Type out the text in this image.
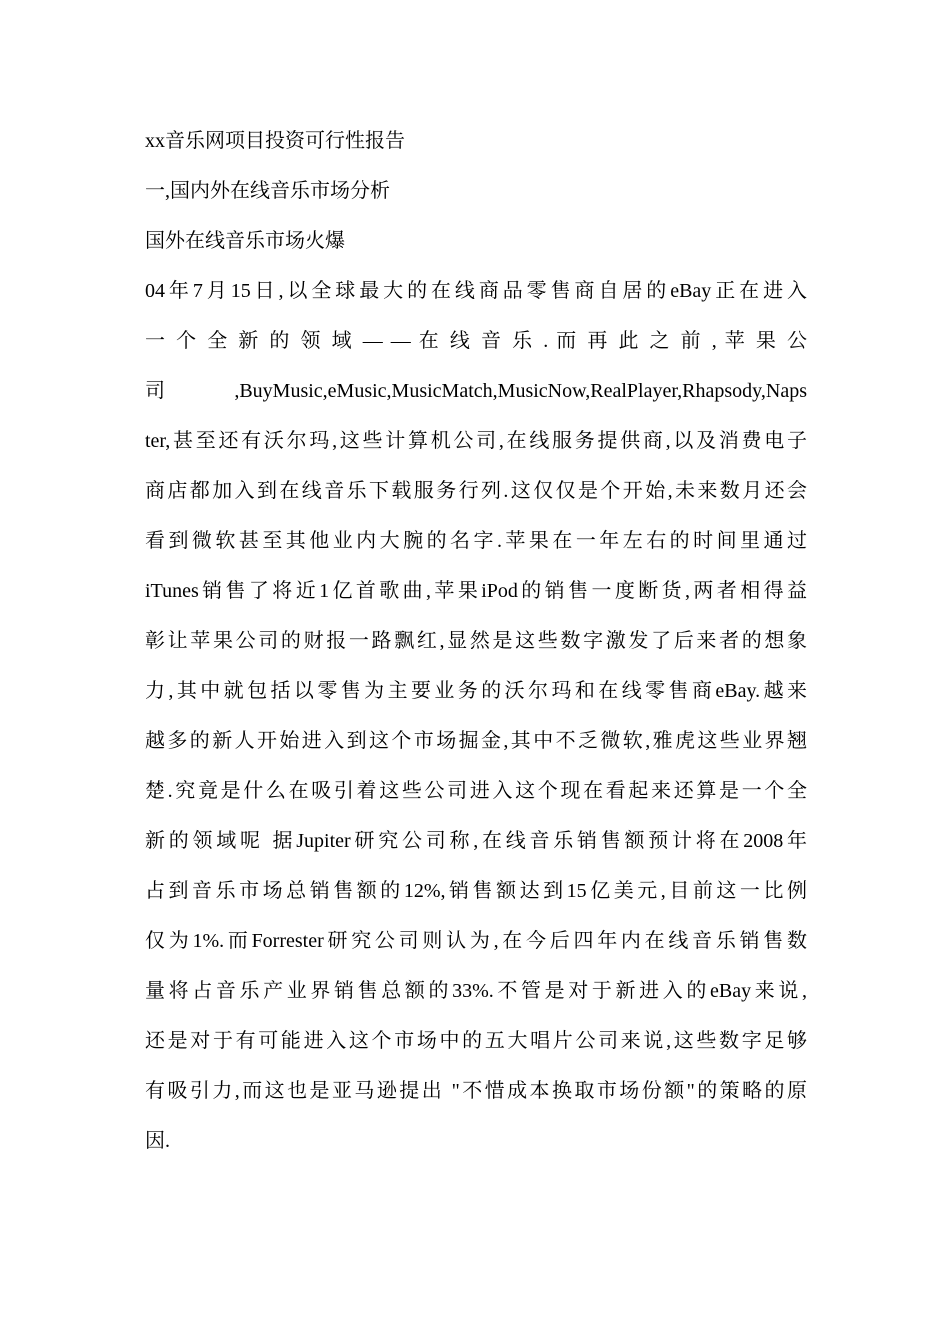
xx音乐网项目投资可行性报告
一,国内外在线音乐市场分析
国外在线音乐市场火爆
04年7月15日,以全球最大的在线商品零售商自居的eBay正在进入
一 个 全 新 的 领 域 — — 在 线 音 乐 . 而 再 此 之 前 , 苹 果 公
司,BuyMusic,eMusic,MusicMatch,MusicNow,RealPlayer,Rhapsody,Naps
ter,甚至还有沃尔玛,这些计算机公司,在线服务提供商,以及消费电子
商店都加入到在线音乐下载服务行列.这仅仅是个开始,未来数月还会
看到微软甚至其他业内大腕的名字.苹果在一年左右的时间里通过
iTunes销售了将近1亿首歌曲,苹果iPod的销售一度断货,两者相得益
彰让苹果公司的财报一路飘红,显然是这些数字激发了后来者的想象
力,其中就包括以零售为主要业务的沃尔玛和在线零售商eBay.越来
越多的新人开始进入到这个市场掘金,其中不乏微软,雅虎这些业界翘
楚.究竟是什么在吸引着这些公司进入这个现在看起来还算是一个全
新的领域呢 据Jupiter研究公司称,在线音乐销售额预计将在2008年
占到音乐市场总销售额的12%,销售额达到15亿美元,目前这一比例
仅为1%.而Forrester研究公司则认为,在今后四年内在线音乐销售数
量将占音乐产业界销售总额的33%.不管是对于新进入的eBay来说,
还是对于有可能进入这个市场中的五大唱片公司来说,这些数字足够
有吸引力,而这也是亚马逊提出 "不惜成本换取市场份额"的策略的原
因.
